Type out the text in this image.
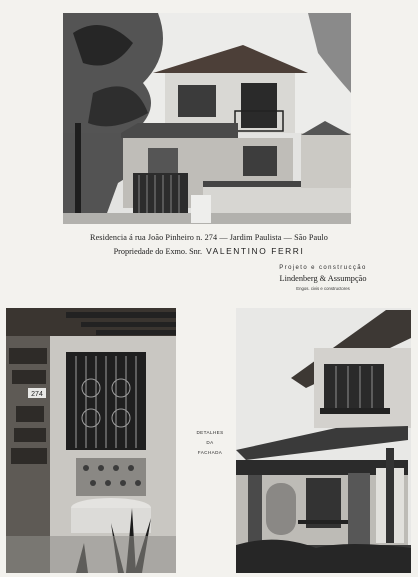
Residencia á rua João Pinheiro n. 274 — Jardim Paulista — São Paulo
Propriedade do Exmo. Snr. VALENTINO FERRI
Projeto e construcção
Lindenberg & Assumpção
Engos. civis e constructores
274
DETALHES
DA
FACHADA
